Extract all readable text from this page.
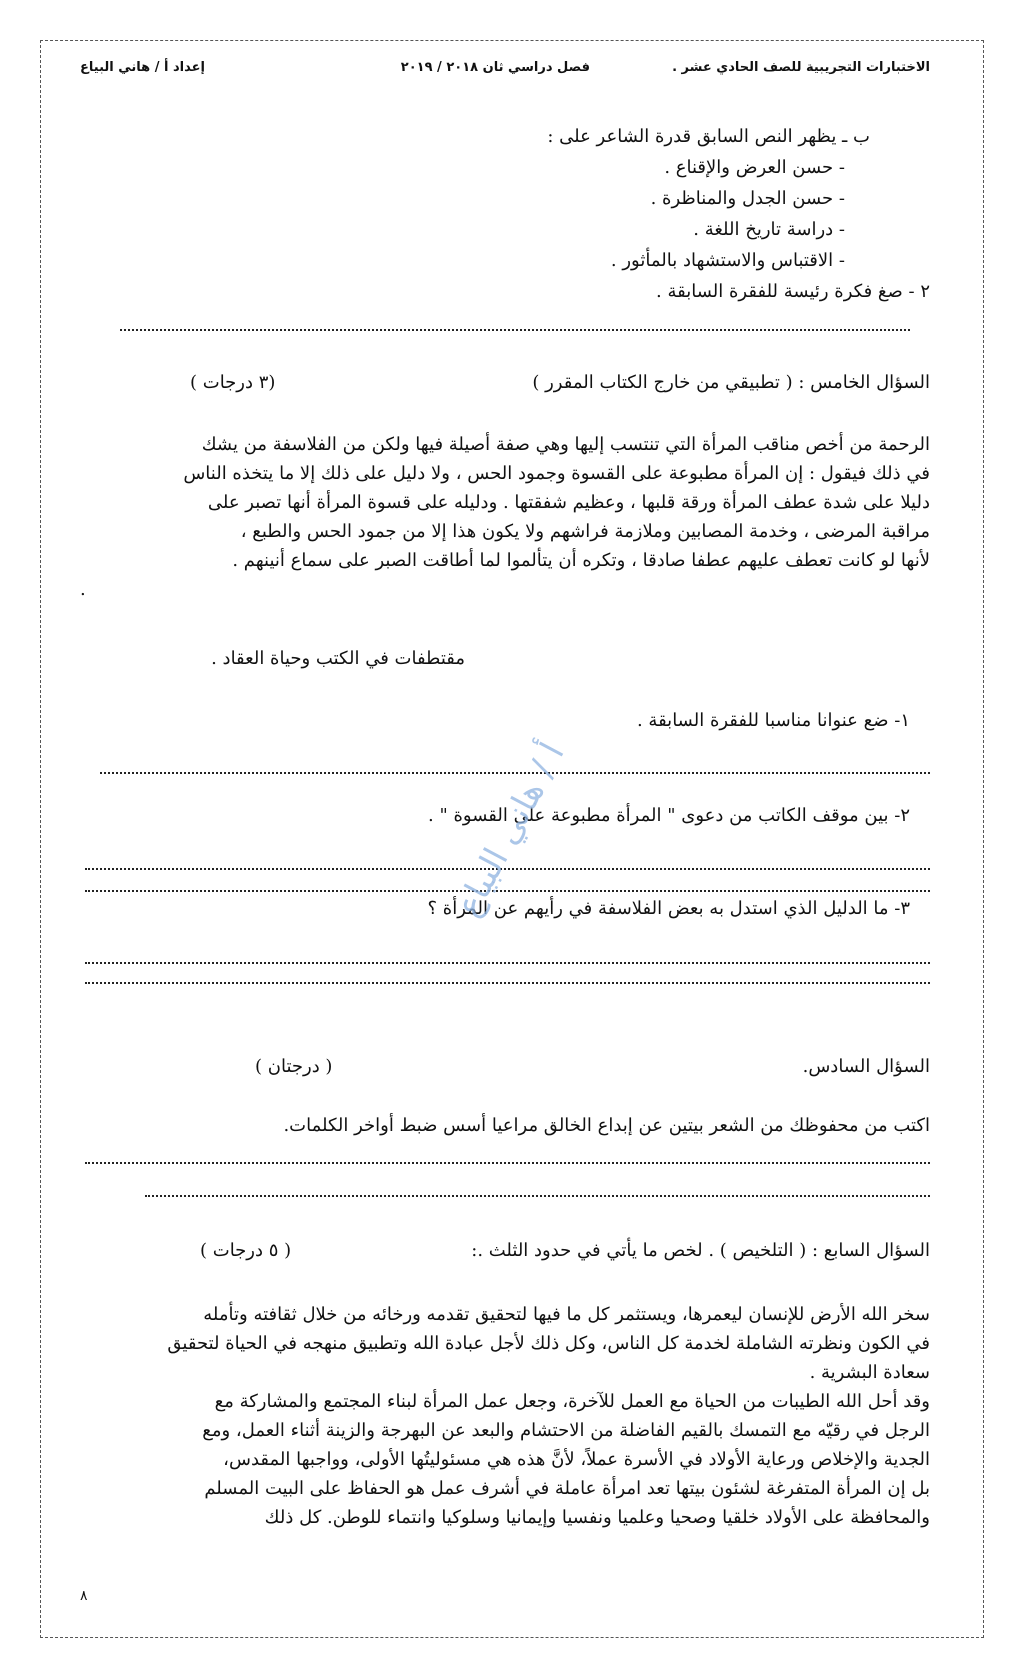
الاختبارات التجريبية للصف الحادي عشر .
فصل دراسي ثان ٢٠١٨ / ٢٠١٩
إعداد أ / هاني البياع
ب ـ يظهر النص السابق قدرة الشاعر على :
- حسن العرض والإقناع .
- حسن الجدل والمناظرة .
- دراسة تاريخ اللغة .
- الاقتباس والاستشهاد بالمأثور .
٢ - صغ فكرة رئيسة للفقرة السابقة .
السؤال الخامس : ( تطبيقي من خارج الكتاب المقرر )
(٣ درجات )

الرحمة من أخص مناقب المرأة التي تنتسب إليها وهي صفة أصيلة فيها ولكن من الفلاسفة من يشك

في ذلك فيقول : إن المرأة مطبوعة على القسوة وجمود الحس ، ولا دليل على ذلك إلا ما يتخذه الناس

دليلا على شدة عطف المرأة ورقة قلبها ، وعظيم شفقتها . ودليله على قسوة المرأة أنها تصبر على

مراقبة المرضى ، وخدمة المصابين وملازمة فراشهم ولا يكون هذا إلا من جمود الحس والطبع ،

لأنها لو كانت تعطف عليهم عطفا صادقا ، وتكره أن يتألموا لما أطاقت الصبر على سماع أنينهم .

.

مقتطفات في الكتب وحياة العقاد .
١- ضع عنوانا مناسبا للفقرة السابقة .
٢- بين موقف الكاتب من دعوى " المرأة مطبوعة على القسوة " .
٣- ما الدليل الذي استدل به بعض الفلاسفة في رأيهم عن المرأة ؟
السؤال السادس.
( درجتان )
اكتب من محفوظك من الشعر بيتين عن إبداع الخالق مراعيا أسس ضبط أواخر الكلمات.
السؤال السابع : ( التلخيص ) . لخص ما يأتي في حدود الثلث .:
( ٥ درجات )

سخر الله الأرض للإنسان ليعمرها، ويستثمر كل ما فيها لتحقيق تقدمه ورخائه من خلال ثقافته وتأمله

في الكون ونظرته الشاملة لخدمة كل الناس، وكل ذلك لأجل عبادة الله وتطبيق منهجه في الحياة لتحقيق

سعادة البشرية .

وقد أحل الله الطيبات من الحياة مع العمل للآخرة، وجعل عمل المرأة لبناء المجتمع والمشاركة مع

الرجل في رقيّه مع التمسك بالقيم الفاضلة من الاحتشام والبعد عن البهرجة والزينة أثناء العمل، ومع

الجدية والإخلاص ورعاية الأولاد في الأسرة عملاً، لأنَّ هذه هي مسئوليتُها الأولى، وواجبها المقدس،

بل إن المرأة المتفرغة لشئون بيتها تعد امرأة عاملة في أشرف عمل هو الحفاظ على البيت المسلم

والمحافظة على الأولاد خلقيا وصحيا وعلميا ونفسيا وإيمانيا وسلوكيا وانتماء للوطن. كل ذلك

أ / هاني البياع
٨
